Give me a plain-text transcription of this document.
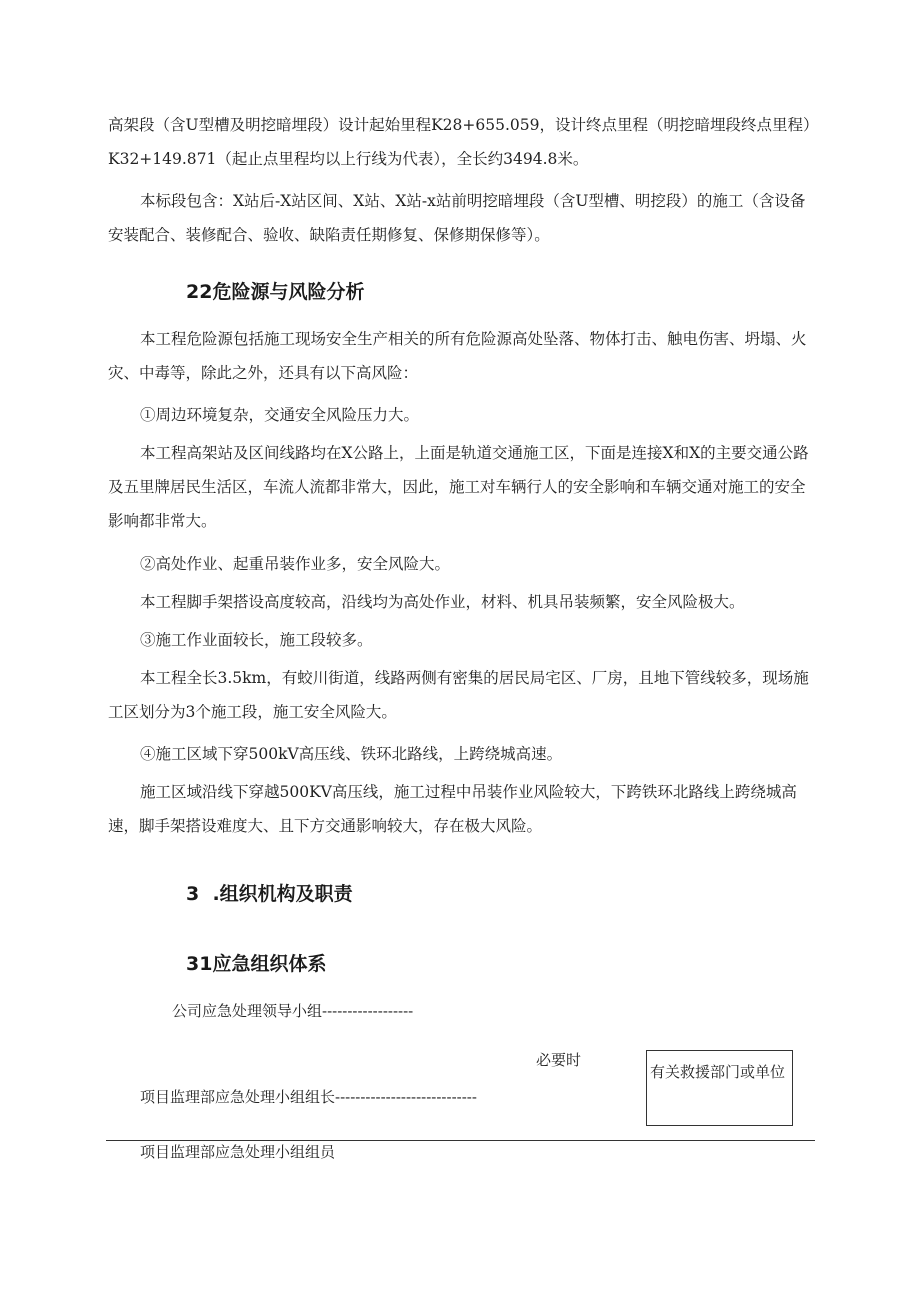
高架段（含U型槽及明挖暗埋段）设计起始里程K28+655.059，设计终点里程（明挖暗埋段终点里程）K32+149.871（起止点里程均以上行线为代表），全长约3494.8米。

本标段包含：X站后-X站区间、X站、X站-x站前明挖暗埋段（含U型槽、明挖段）的施工（含设备安装配合、装修配合、验收、缺陷责任期修复、保修期保修等）。

22危险源与风险分析

本工程危险源包括施工现场安全生产相关的所有危险源高处坠落、物体打击、触电伤害、坍塌、火灾、中毒等，除此之外，还具有以下高风险：

①周边环境复杂，交通安全风险压力大。

本工程高架站及区间线路均在X公路上，上面是轨道交通施工区，下面是连接X和X的主要交通公路及五里牌居民生活区，车流人流都非常大，因此，施工对车辆行人的安全影响和车辆交通对施工的安全影响都非常大。

②高处作业、起重吊装作业多，安全风险大。

本工程脚手架搭设高度较高，沿线均为高处作业，材料、机具吊装频繁，安全风险极大。

③施工作业面较长，施工段较多。

本工程全长3.5km，有蛟川街道，线路两侧有密集的居民局宅区、厂房，且地下管线较多，现场施工区划分为3个施工段，施工安全风险大。

④施工区域下穿500kV高压线、铁环北路线，上跨绕城高速。

施工区域沿线下穿越500KV高压线，施工过程中吊装作业风险较大，下跨铁环北路线上跨绕城高速，脚手架搭设难度大、且下方交通影响较大，存在极大风险。

3  .组织机构及职责
31应急组织体系

公司应急处理领导小组------------------

必要时

项目监理部应急处理小组组长----------------------------

有关救援部门或单位

项目监理部应急处理小组组员
